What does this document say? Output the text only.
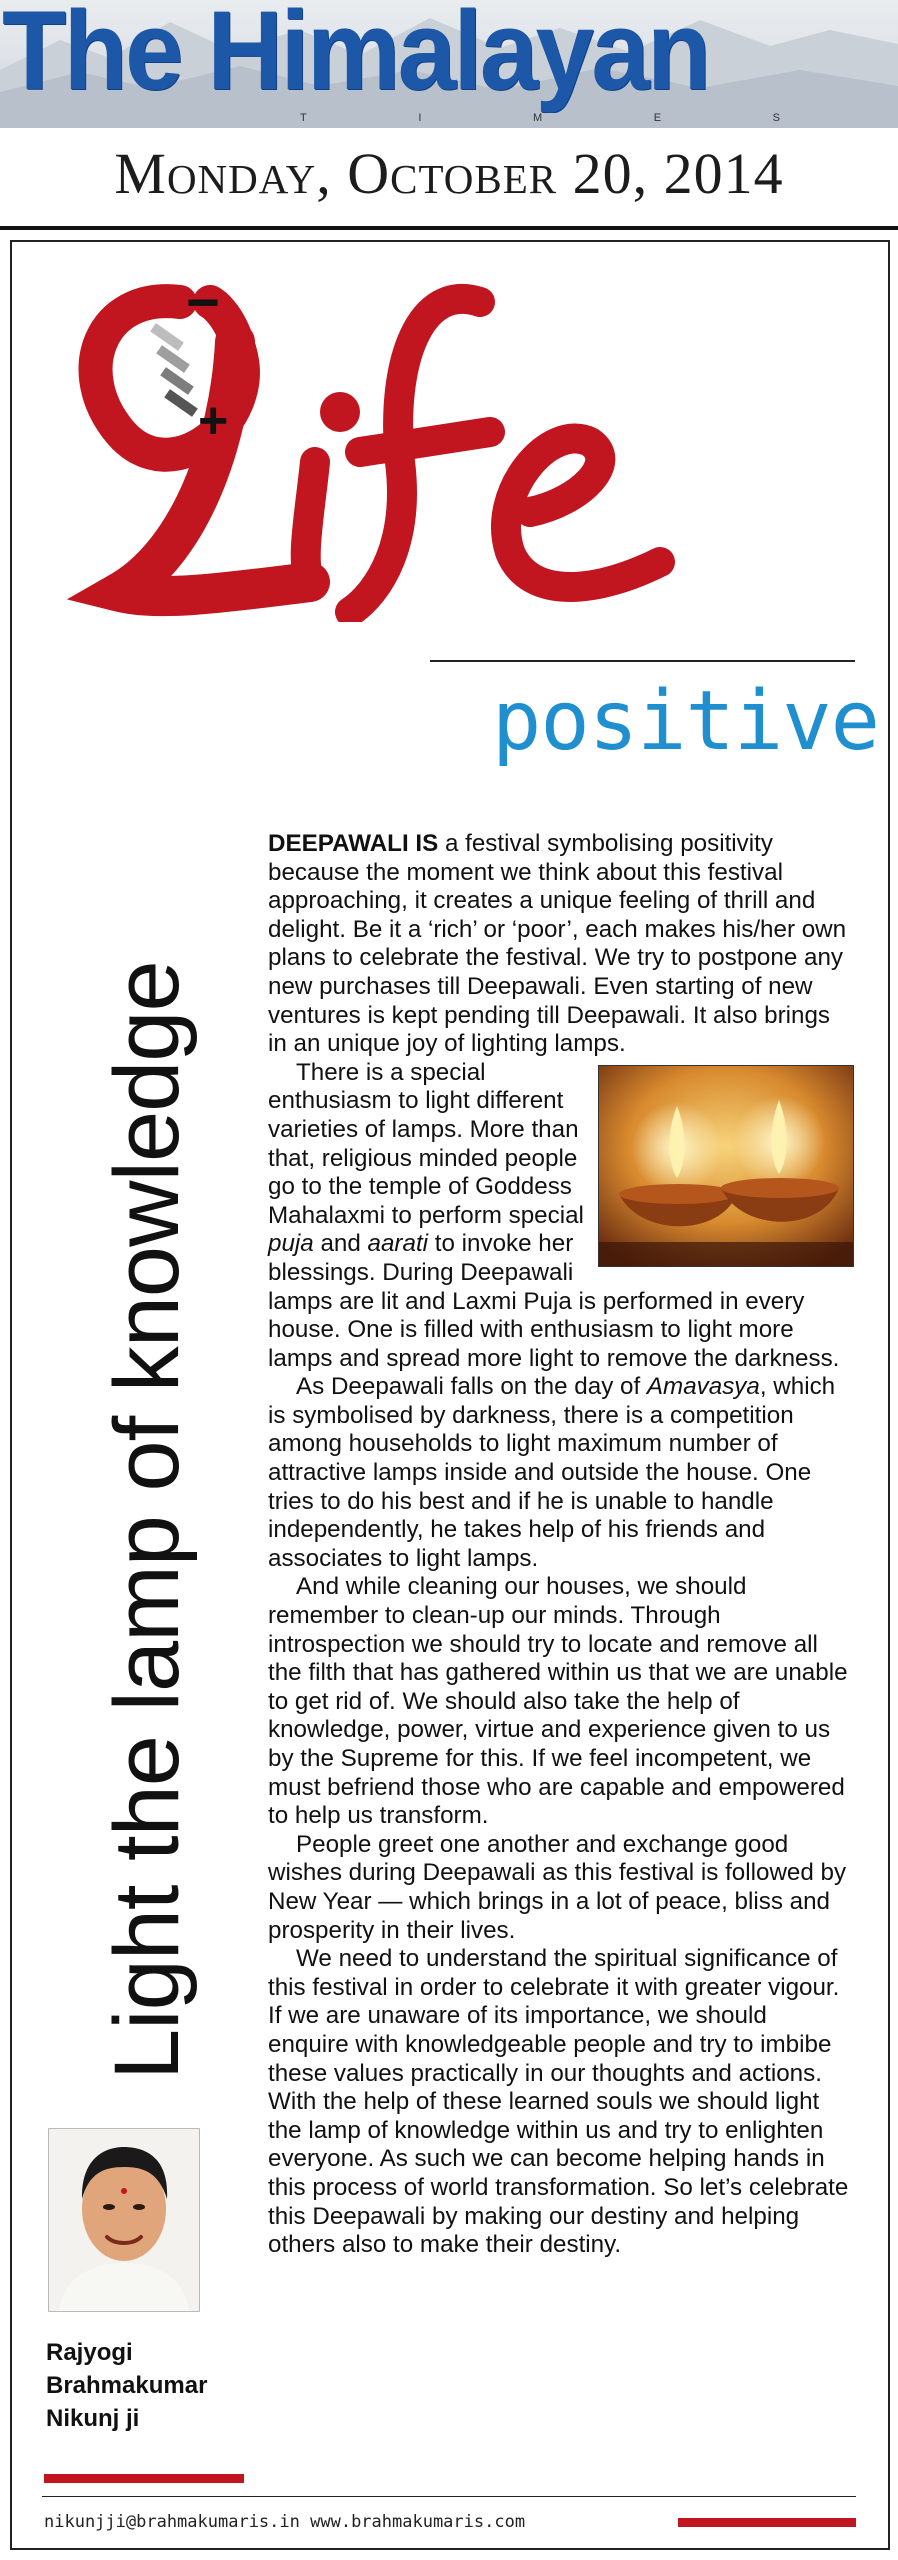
The Himalayan
T	I	M	E	S
Monday, October 20, 2014
−
+
positive
Light the lamp of knowledge

DEEPAWALI IS a festival symbolising positivity because the moment we think about this festival approaching, it creates a unique feeling of thrill and delight. Be it a ‘rich’ or ‘poor’, each makes his/her own plans to celebrate the festival. We try to postpone any new purchases till Deepawali. Even starting of new ventures is kept pending till Deepawali. It also brings in an unique joy of lighting lamps.

There is a special enthusiasm to light different varieties of lamps. More than that, religious minded people go to the temple of Goddess Mahalaxmi to perform special puja and aarati to invoke her blessings. During Deepawali lamps are lit and Laxmi Puja is performed in every house. One is filled with enthusiasm to light more lamps and spread more light to remove the darkness.

As Deepawali falls on the day of Amavasya, which is symbolised by darkness, there is a competition among households to light maximum number of attractive lamps inside and outside the house. One tries to do his best and if he is unable to handle independently, he takes help of his friends and associates to light lamps.

And while cleaning our houses, we should remember to clean-up our minds. Through introspection we should try to locate and remove all the filth that has gathered within us that we are unable to get rid of. We should also take the help of knowledge, power, virtue and experience given to us by the Supreme for this. If we feel incompetent, we must befriend those who are capable and empowered to help us transform.

People greet one another and exchange good wishes during Deepawali as this festival is followed by New Year — which brings in a lot of peace, bliss and prosperity in their lives.

We need to understand the spiritual significance of this festival in order to celebrate it with greater vigour. If we are unaware of its importance, we should enquire with knowledgeable people and try to imbibe these values practically in our thoughts and actions. With the help of these learned souls we should light the lamp of knowledge within us and try to enlighten everyone. As such we can become helping hands in this process of world transformation. So let’s celebrate this Deepawali by making our destiny and helping others also to make their destiny.

Rajyogi
Brahmakumar
Nikunj ji
nikunjji@brahmakumaris.in www.brahmakumaris.com
